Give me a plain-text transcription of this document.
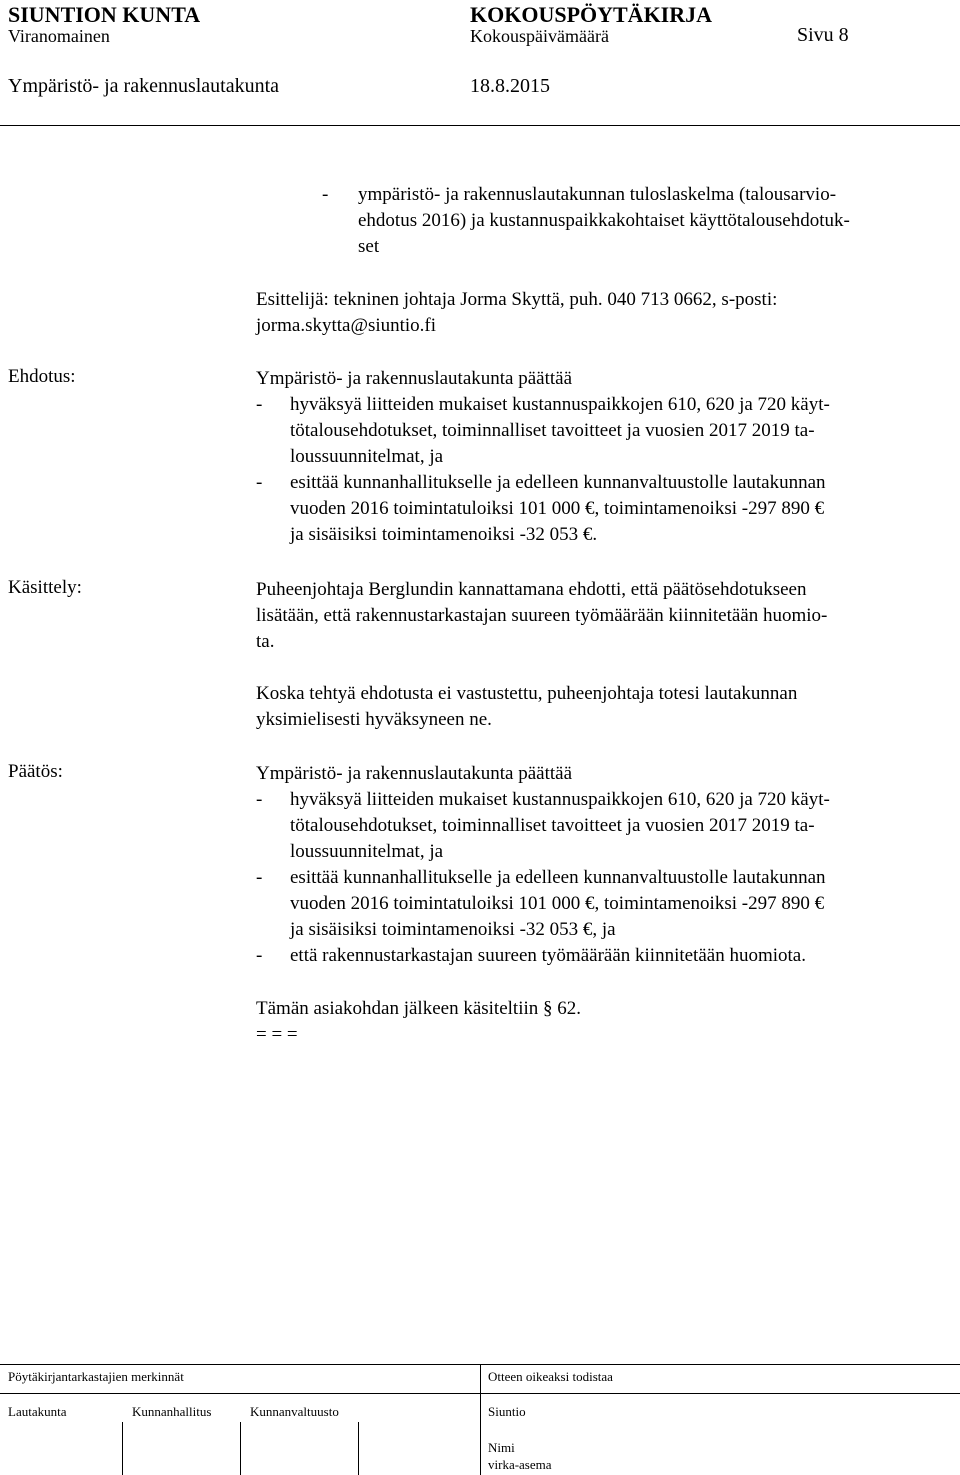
SIUNTION KUNTA	KOKOUSPÖYTÄKIRJA
Viranomainen	Kokouspäivämäärä	Sivu 8
Ympäristö- ja rakennuslautakunta	18.8.2015
- ympäristö- ja rakennuslautakunnan tuloslaskelma (talousarvio-
ehdotus 2016) ja kustannuspaikkakohtaiset käyttötalousehdotuk-
set
Esittelijä: tekninen johtaja Jorma Skyttä, puh. 040 713 0662, s-posti:
jorma.skytta@siuntio.fi
Ehdotus:	Ympäristö- ja rakennuslautakunta päättää
- hyväksyä liitteiden mukaiset kustannuspaikkojen 610, 620 ja 720 käyt-
tötalousehdotukset, toiminnalliset tavoitteet ja vuosien 2017 2019 ta-
loussuunnitelmat, ja
- esittää kunnanhallitukselle ja edelleen kunnanvaltuustolle lautakunnan
vuoden 2016 toimintatuloiksi 101 000 €, toimintamenoiksi -297 890 €
ja sisäisiksi toimintamenoiksi -32 053 €.
Käsittely:	Puheenjohtaja Berglundin kannattamana ehdotti, että päätösehdotukseen
lisätään, että rakennustarkastajan suureen työmäärään kiinnitetään huomio-
ta.
Koska tehtyä ehdotusta ei vastustettu, puheenjohtaja totesi lautakunnan
yksimielisesti hyväksyneen ne.
Päätös:	Ympäristö- ja rakennuslautakunta päättää
- hyväksyä liitteiden mukaiset kustannuspaikkojen 610, 620 ja 720 käyt-
tötalousehdotukset, toiminnalliset tavoitteet ja vuosien 2017 2019 ta-
loussuunnitelmat, ja
- esittää kunnanhallitukselle ja edelleen kunnanvaltuustolle lautakunnan
vuoden 2016 toimintatuloiksi 101 000 €, toimintamenoiksi -297 890 €
ja sisäisiksi toimintamenoiksi -32 053 €, ja
- että rakennustarkastajan suureen työmäärään kiinnitetään huomiota.
Tämän asiakohdan jälkeen käsiteltiin § 62.
= = =
Pöytäkirjantarkastajien merkinnät	Otteen oikeaksi todistaa
Lautakunta	Kunnanhallitus	Kunnanvaltuusto	Siuntio
Nimi
virka-asema
